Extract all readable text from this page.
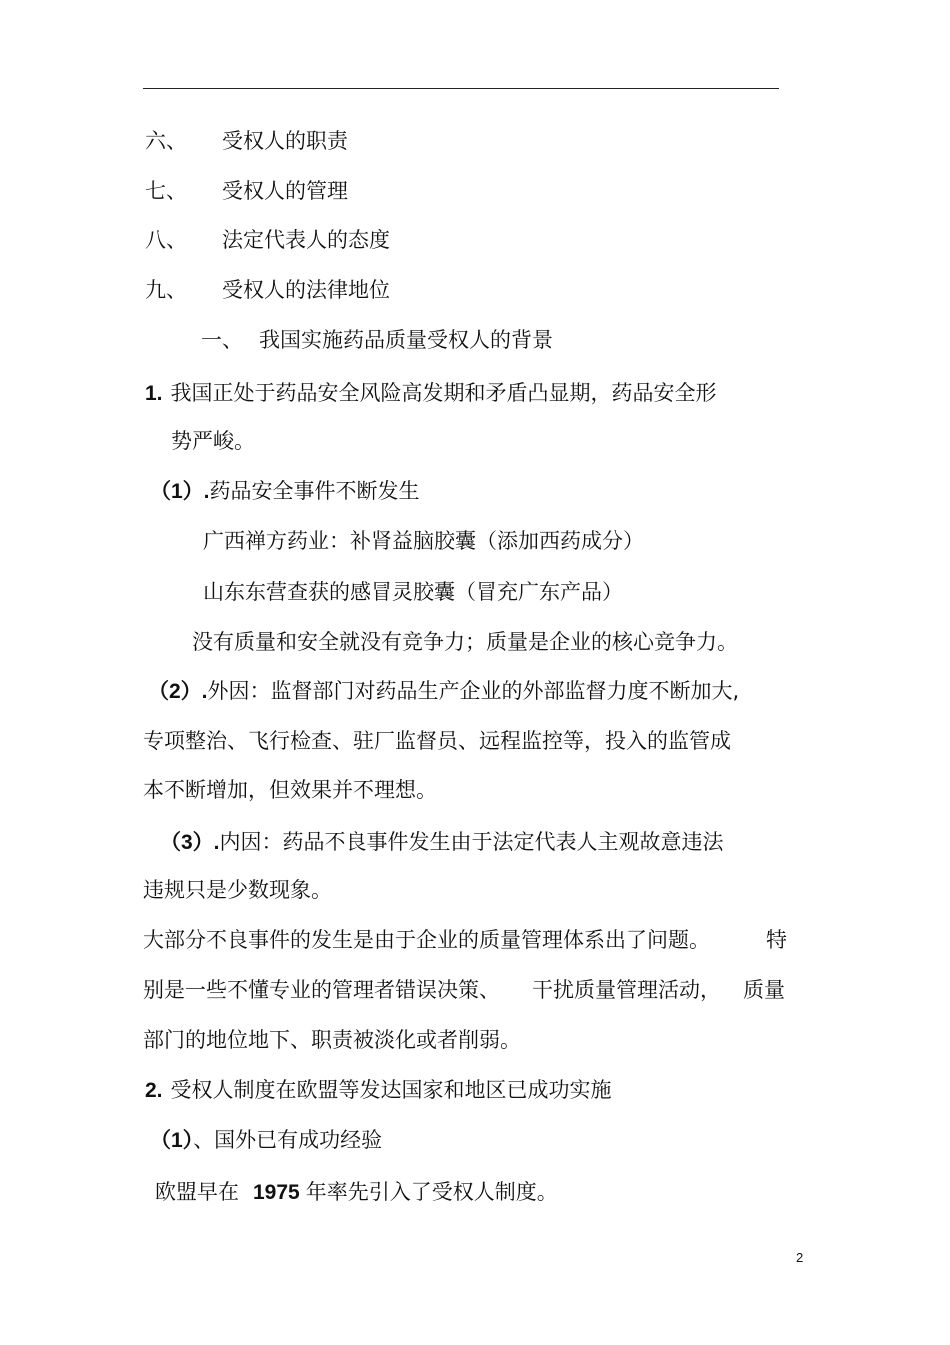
六、 受权人的职责
七、 受权人的管理
八、 法定代表人的态度
九、 受权人的法律地位
一、 我国实施药品质量受权人的背景
1. 我国正处于药品安全风险高发期和矛盾凸显期，药品安全形
势严峻。
（1）.药品安全事件不断发生
广西禅方药业：补肾益脑胶囊（添加西药成分）
山东东营查获的感冒灵胶囊（冒充广东产品）
没有质量和安全就没有竞争力；质量是企业的核心竞争力。
（2）.外因：监督部门对药品生产企业的外部监督力度不断加大,
专项整治、飞行检查、驻厂监督员、远程监控等，投入的监管成
本不断增加，但效果并不理想。
（3）.内因：药品不良事件发生由于法定代表人主观故意违法
违规只是少数现象。
大部分不良事件的发生是由于企业的质量管理体系出了问题。	特
别是一些不懂专业的管理者错误决策、 干扰质量管理活动， 质量
部门的地位地下、职责被淡化或者削弱。
2. 受权人制度在欧盟等发达国家和地区已成功实施
（1）、国外已有成功经验
欧盟早在 1975 年率先引入了受权人制度。
2
